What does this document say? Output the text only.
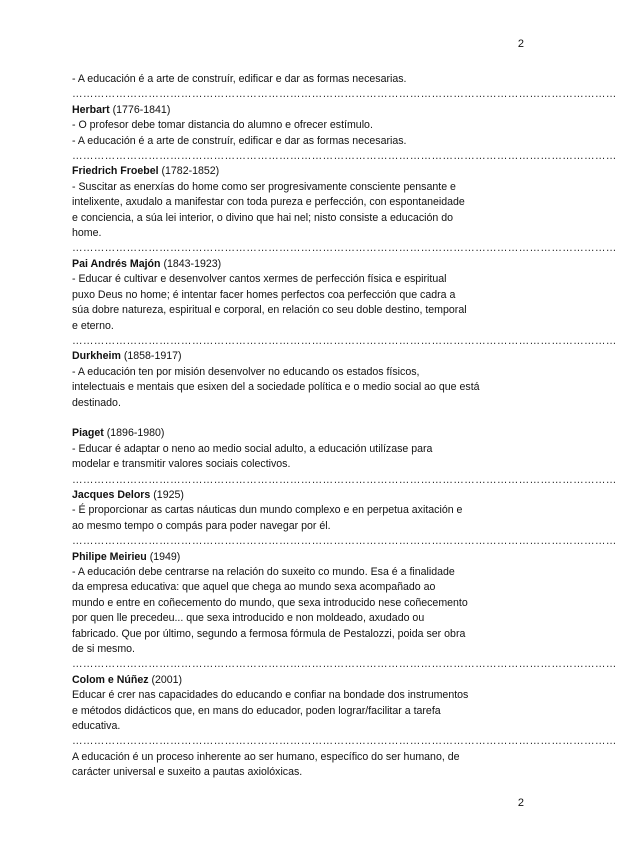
2

- A educación é a arte de construír, edificar e dar as formas necesarias.

……………………………………………………………………………………………………………………………………

Herbart (1776-1841)

- O profesor debe tomar distancia do alumno e ofrecer estímulo.

- A educación é a arte de construír, edificar e dar as formas necesarias.

……………………………………………………………………………………………………………………………………

Friedrich Froebel (1782-1852)

- Suscitar as enerxías do home como ser progresivamente consciente pensante e

intelixente, axudalo a manifestar con toda pureza e perfección, con espontaneidade

e conciencia, a súa lei interior, o divino que hai nel; nisto consiste a educación do

home.

……………………………………………………………………………………………………………………………………

Pai Andrés Majón (1843-1923)

- Educar é cultivar e desenvolver cantos xermes de perfección física e espiritual

puxo Deus no home; é intentar facer homes perfectos coa perfección que cadra a

súa dobre natureza, espiritual e corporal, en relación co seu doble destino, temporal

e eterno.

……………………………………………………………………………………………………………………………………

Durkheim (1858-1917)

- A educación ten por misión desenvolver no educando os estados físicos,

intelectuais e mentais que esixen del a sociedade política e o medio social ao que está

destinado.

Piaget (1896-1980)

- Educar é adaptar o neno ao medio social adulto, a educación utilízase para

modelar e transmitir valores sociais colectivos.

……………………………………………………………………………………………………………………………………

Jacques Delors (1925)

- É proporcionar as cartas náuticas dun mundo complexo e en perpetua axitación e

ao mesmo tempo o compás para poder navegar por él.

……………………………………………………………………………………………………………………………………

Philipe Meirieu (1949)

- A educación debe centrarse na relación do suxeito co mundo. Esa é a finalidade

da empresa educativa: que aquel que chega ao mundo sexa acompañado ao

mundo e entre en coñecemento do mundo, que sexa introducido nese coñecemento

por quen lle precedeu... que sexa introducido e non moldeado, axudado ou

fabricado. Que por último, segundo a fermosa fórmula de Pestalozzi, poida ser obra

de si mesmo.

……………………………………………………………………………………………………………………………………

Colom e Núñez (2001)

Educar é crer nas capacidades do educando e confiar na bondade dos instrumentos

e métodos didácticos que, en mans do educador, poden lograr/facilitar a tarefa

educativa.

……………………………………………………………………………………………………………………………………

A educación é un proceso inherente ao ser humano, específico do ser humano, de

carácter universal e suxeito a pautas axiolóxicas.

2
